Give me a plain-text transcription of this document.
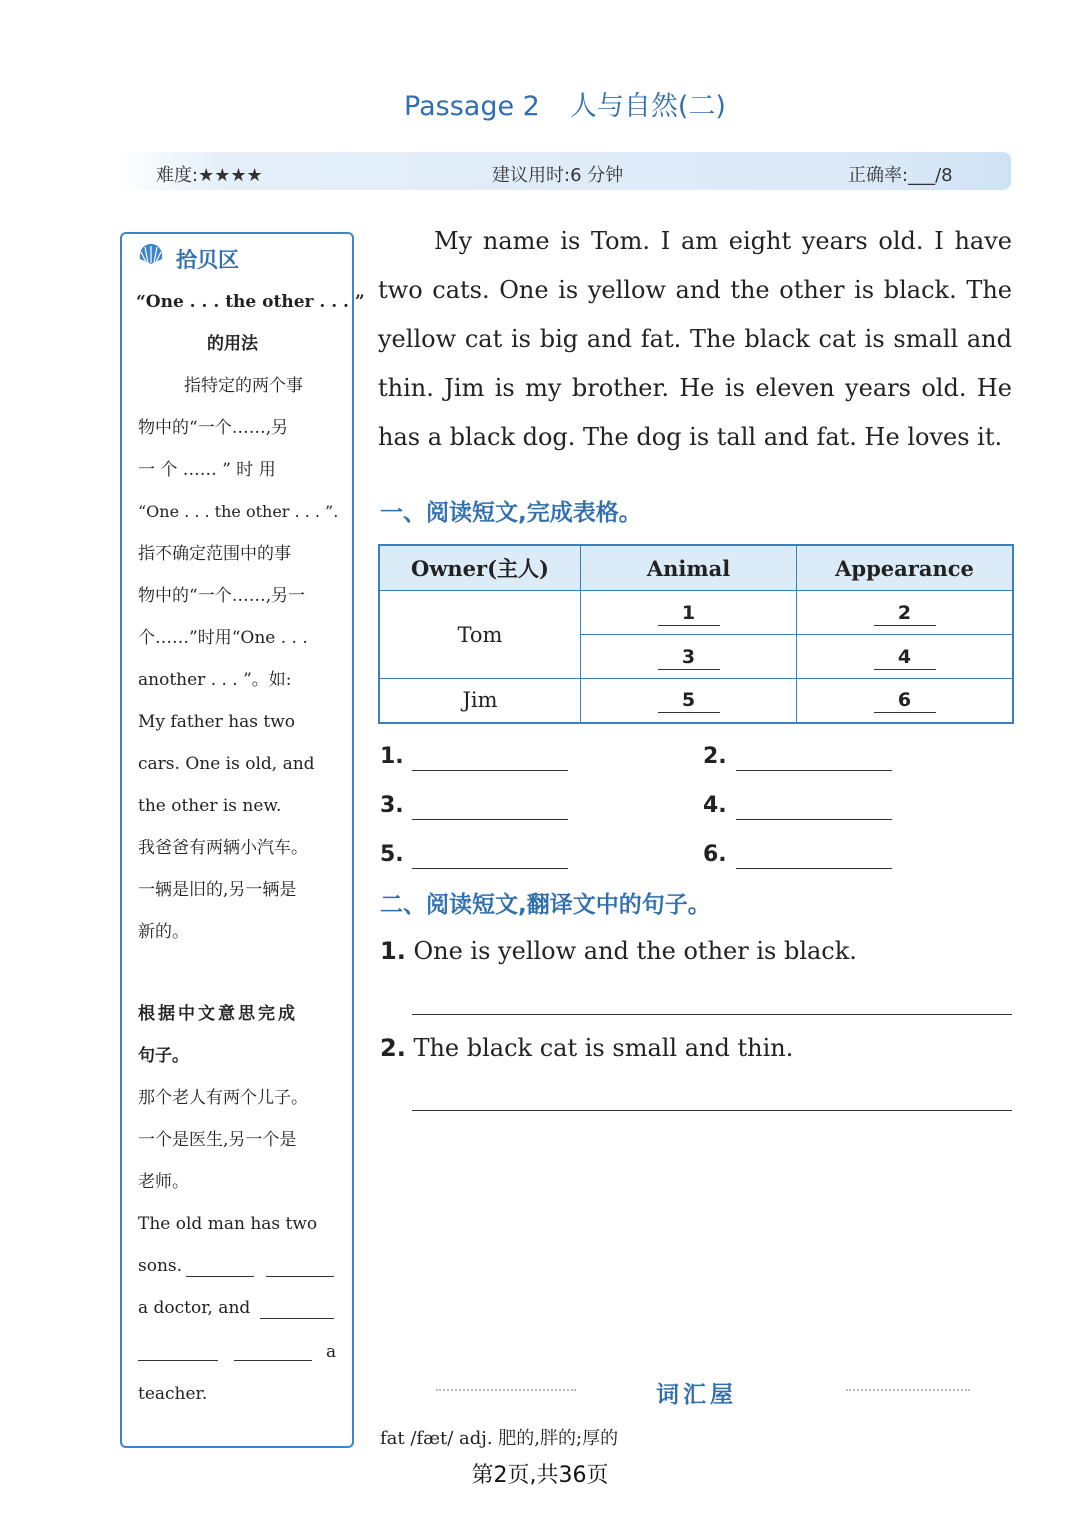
Passage 2 人与自然(二)
难度:★★★★	建议用时:6 分钟	正确率:___/8
拾贝区
“One . . . the other . . . ”
的用法
指特定的两个事
物中的“一个……,另
一 个 …… ” 时 用
“One . . . the other . . . ”.
指不确定范围中的事
物中的“一个……,另一
个……”时用“One . . .
another . . . ”。如:
My father has two
cars. One is old, and
the other is new.
我爸爸有两辆小汽车。
一辆是旧的,另一辆是
新的。
根据中文意思完成
句子。
那个老人有两个儿子。
一个是医生,另一个是
老师。
The old man has two
sons.
a doctor, and
a
teacher.
My name is Tom. I am eight years old. I have
two cats. One is yellow and the other is black. The
yellow cat is big and fat. The black cat is small and
thin. Jim is my brother. He is eleven years old. He
has a black dog. The dog is tall and fat. He loves it.
一、阅读短文,完成表格。
Owner(主人)	Animal	Appearance
Tom	1	2
	3	4
Jim	5	6
1.	2.
3.	4.
5.	6.
二、阅读短文,翻译文中的句子。
1. One is yellow and the other is black.
2. The black cat is small and thin.
词汇屋
fat /fæt/ adj. 肥的,胖的;厚的
第2页,共36页
